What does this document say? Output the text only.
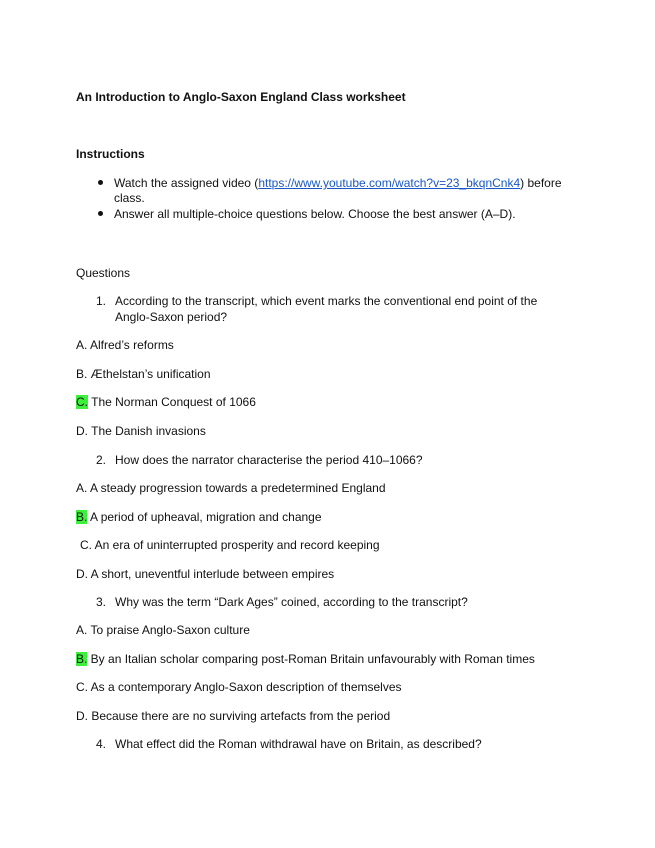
An Introduction to Anglo-Saxon England Class worksheet
Instructions
Watch the assigned video (https://www.youtube.com/watch?v=23_bkqnCnk4) before
class.
Answer all multiple-choice questions below. Choose the best answer (A–D).
Questions
1. According to the transcript, which event marks the conventional end point of the
Anglo-Saxon period?
A. Alfred’s reforms
B. Æthelstan’s unification
C. The Norman Conquest of 1066
D. The Danish invasions
2. How does the narrator characterise the period 410–1066?
A. A steady progression towards a predetermined England
B. A period of upheaval, migration and change
C. An era of uninterrupted prosperity and record keeping
D. A short, uneventful interlude between empires
3. Why was the term “Dark Ages” coined, according to the transcript?
A. To praise Anglo-Saxon culture
B. By an Italian scholar comparing post-Roman Britain unfavourably with Roman times
C. As a contemporary Anglo-Saxon description of themselves
D. Because there are no surviving artefacts from the period
4. What effect did the Roman withdrawal have on Britain, as described?
